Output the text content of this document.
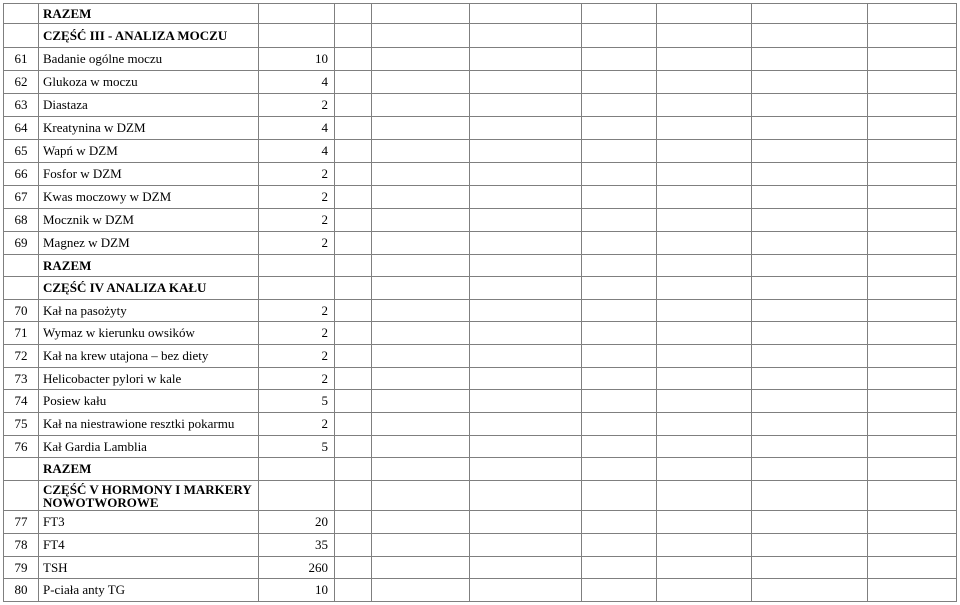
	RAZEM								
	CZĘŚĆ III - ANALIZA MOCZU								
61	Badanie ogólne moczu	10							
62	Glukoza w moczu	4							
63	Diastaza	2							
64	Kreatynina w DZM	4							
65	Wapń w DZM	4							
66	Fosfor w DZM	2							
67	Kwas moczowy w DZM	2							
68	Mocznik w DZM	2							
69	Magnez w DZM	2							
	RAZEM								
	CZĘŚĆ IV ANALIZA KAŁU								
70	Kał na pasożyty	2							
71	Wymaz w kierunku owsików	2							
72	Kał na krew utajona – bez diety	2							
73	Helicobacter pylori w kale	2							
74	Posiew kału	5							
75	Kał na niestrawione resztki pokarmu	2							
76	Kał Gardia Lamblia	5							
	RAZEM								
	CZĘŚĆ V HORMONY I MARKERY NOWOTWOROWE								
77	FT3	20							
78	FT4	35							
79	TSH	260							
80	P-ciała anty TG	10							
